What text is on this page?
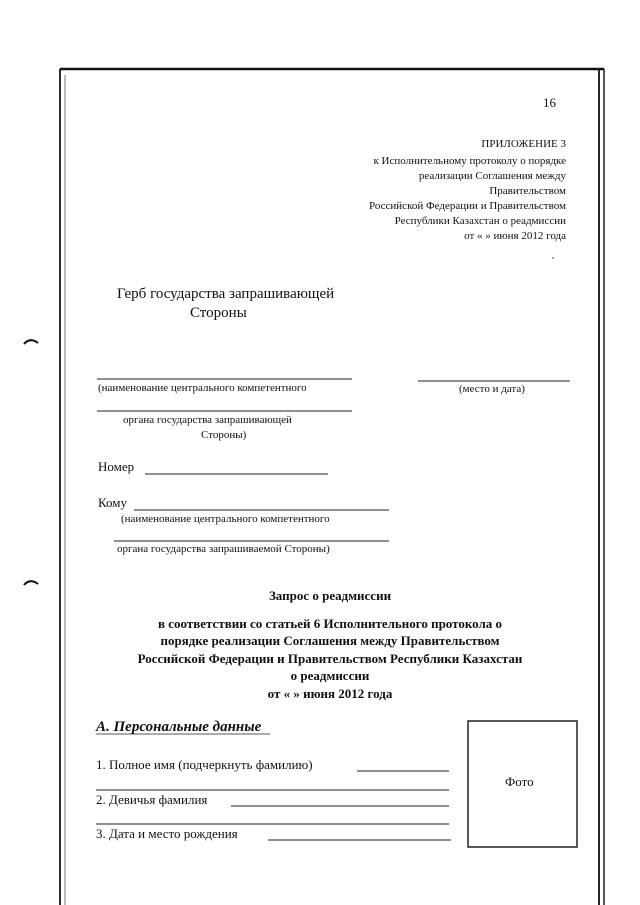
16
ПРИЛОЖЕНИЕ 3
к Исполнительному протоколу о порядке
реализации Соглашения между
Правительством
Российской Федерации и Правительством
Республики Казахстан о реадмиссии
от « » июня 2012 года
Герб государства запрашивающей
Стороны
(наименование центрального компетентного
органа государства запрашивающей
Стороны)
(место и дата)
Номер
Кому
(наименование центрального компетентного
органа государства запрашиваемой Стороны)
Запрос о реадмиссии
в соответствии со статьей 6 Исполнительного протокола о
порядке реализации Соглашения между Правительством
Российской Федерации и Правительством Республики Казахстан
о реадмиссии
от « » июня 2012 года
А. Персональные данные
1. Полное имя (подчеркнуть фамилию)
2. Девичья фамилия
3. Дата и место рождения
Фото
